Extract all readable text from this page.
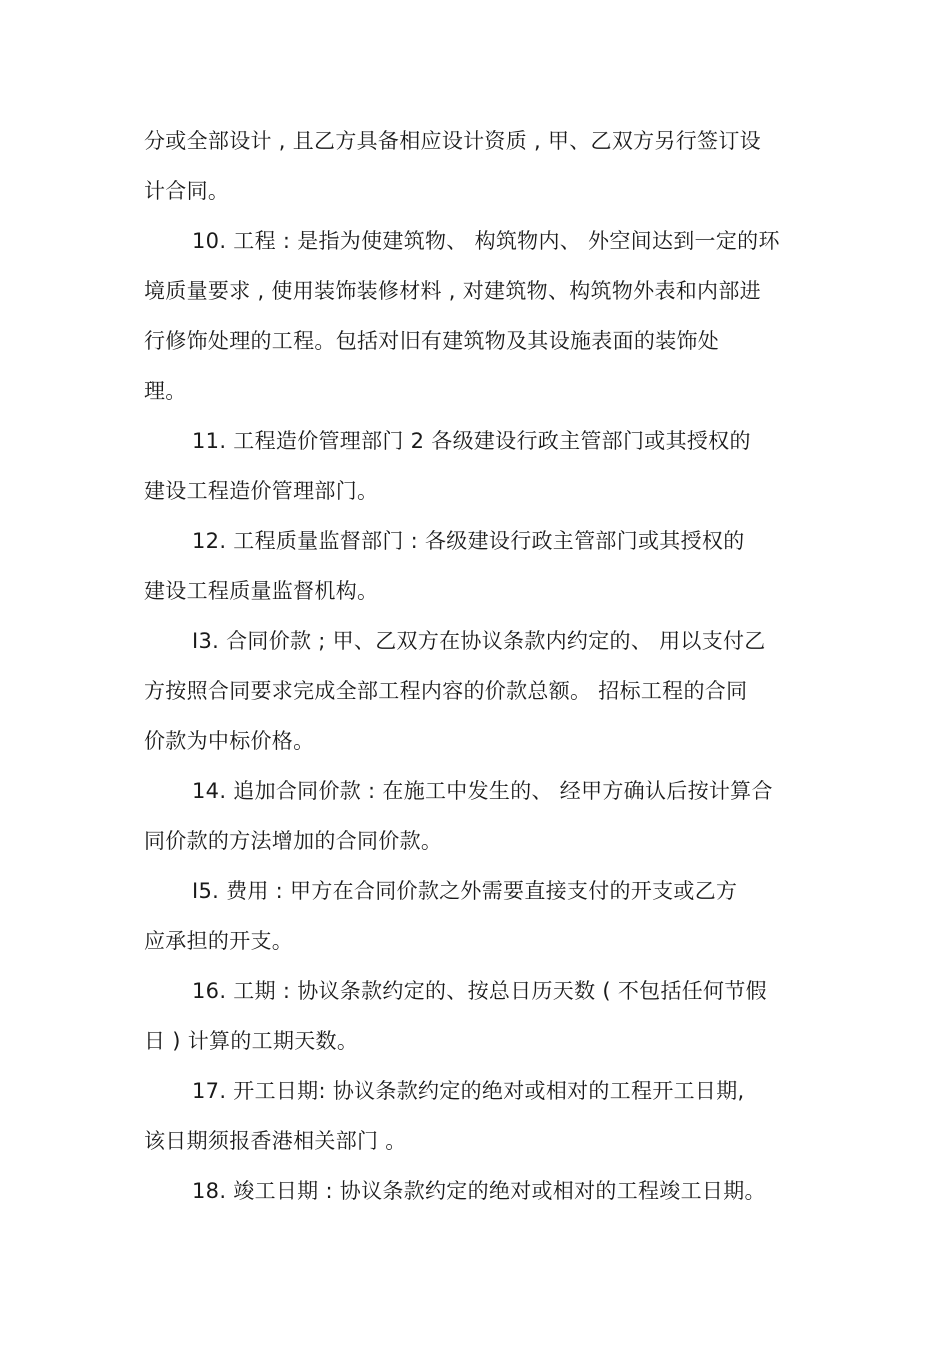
分或全部设计 , 且乙方具备相应设计资质 , 甲、乙双方另行签订设
计合同。
10. 工程 : 是指为使建筑物、 构筑物内、 外空间达到一定的环
境质量要求 , 使用装饰装修材料 , 对建筑物、构筑物外表和内部进
行修饰处理的工程。包括对旧有建筑物及其设施表面的装饰处
理。
11. 工程造价管理部门 2 各级建设行政主管部门或其授权的
建设工程造价管理部门。
12. 工程质量监督部门 : 各级建设行政主管部门或其授权的
建设工程质量监督机构。
I3. 合同价款 ; 甲、乙双方在协议条款内约定的、 用以支付乙
方按照合同要求完成全部工程内容的价款总额。 招标工程的合同
价款为中标价格。
14. 追加合同价款 : 在施工中发生的、 经甲方确认后按计算合
同价款的方法增加的合同价款。
I5. 费用 : 甲方在合同价款之外需要直接支付的开支或乙方
应承担的开支。
16. 工期 : 协议条款约定的、按总日历天数 ( 不包括任何节假
日 ) 计算的工期天数。
17. 开工日期: 协议条款约定的绝对或相对的工程开工日期,
该日期须报香港相关部门 。
18. 竣工日期 : 协议条款约定的绝对或相对的工程竣工日期。
